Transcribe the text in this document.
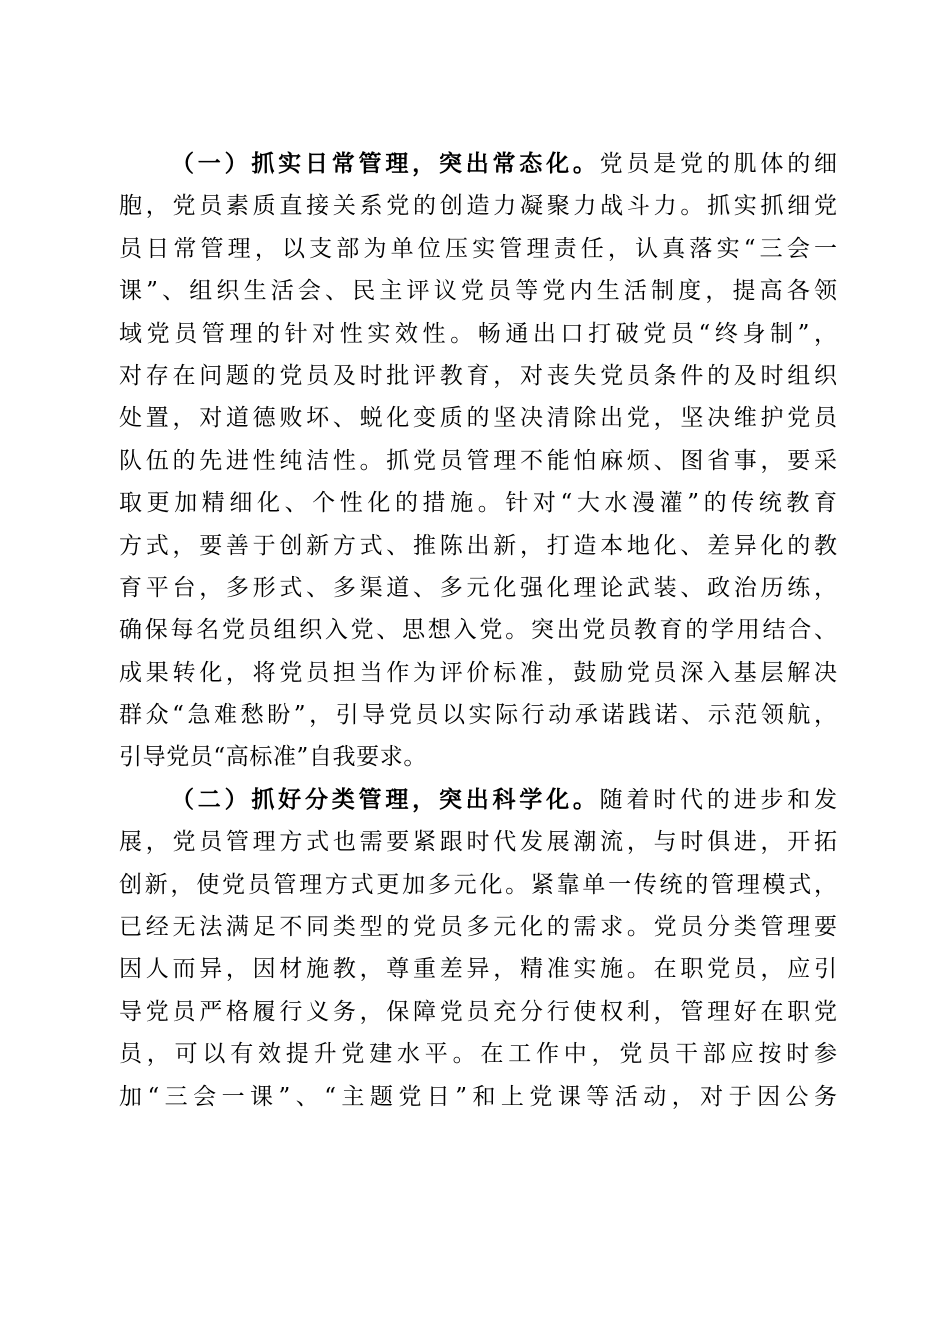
（一）抓实日常管理，突出常态化。党员是党的肌体的细
胞，党员素质直接关系党的创造力凝聚力战斗力。抓实抓细党
员日常管理，以支部为单位压实管理责任，认真落实“三会一
课”、组织生活会、民主评议党员等党内生活制度，提高各领
域党员管理的针对性实效性。畅通出口打破党员“终身制”，
对存在问题的党员及时批评教育，对丧失党员条件的及时组织
处置，对道德败坏、蜕化变质的坚决清除出党，坚决维护党员
队伍的先进性纯洁性。抓党员管理不能怕麻烦、图省事，要采
取更加精细化、个性化的措施。针对“大水漫灌”的传统教育
方式，要善于创新方式、推陈出新，打造本地化、差异化的教
育平台，多形式、多渠道、多元化强化理论武装、政治历练，
确保每名党员组织入党、思想入党。突出党员教育的学用结合、
成果转化，将党员担当作为评价标准，鼓励党员深入基层解决
群众“急难愁盼”，引导党员以实际行动承诺践诺、示范领航，
引导党员“高标准”自我要求。
（二）抓好分类管理，突出科学化。随着时代的进步和发
展，党员管理方式也需要紧跟时代发展潮流，与时俱进，开拓
创新，使党员管理方式更加多元化。紧靠单一传统的管理模式，
已经无法满足不同类型的党员多元化的需求。党员分类管理要
因人而异，因材施教，尊重差异，精准实施。在职党员，应引
导党员严格履行义务，保障党员充分行使权利，管理好在职党
员，可以有效提升党建水平。在工作中，党员干部应按时参
加“三会一课”、“主题党日”和上党课等活动，对于因公务
